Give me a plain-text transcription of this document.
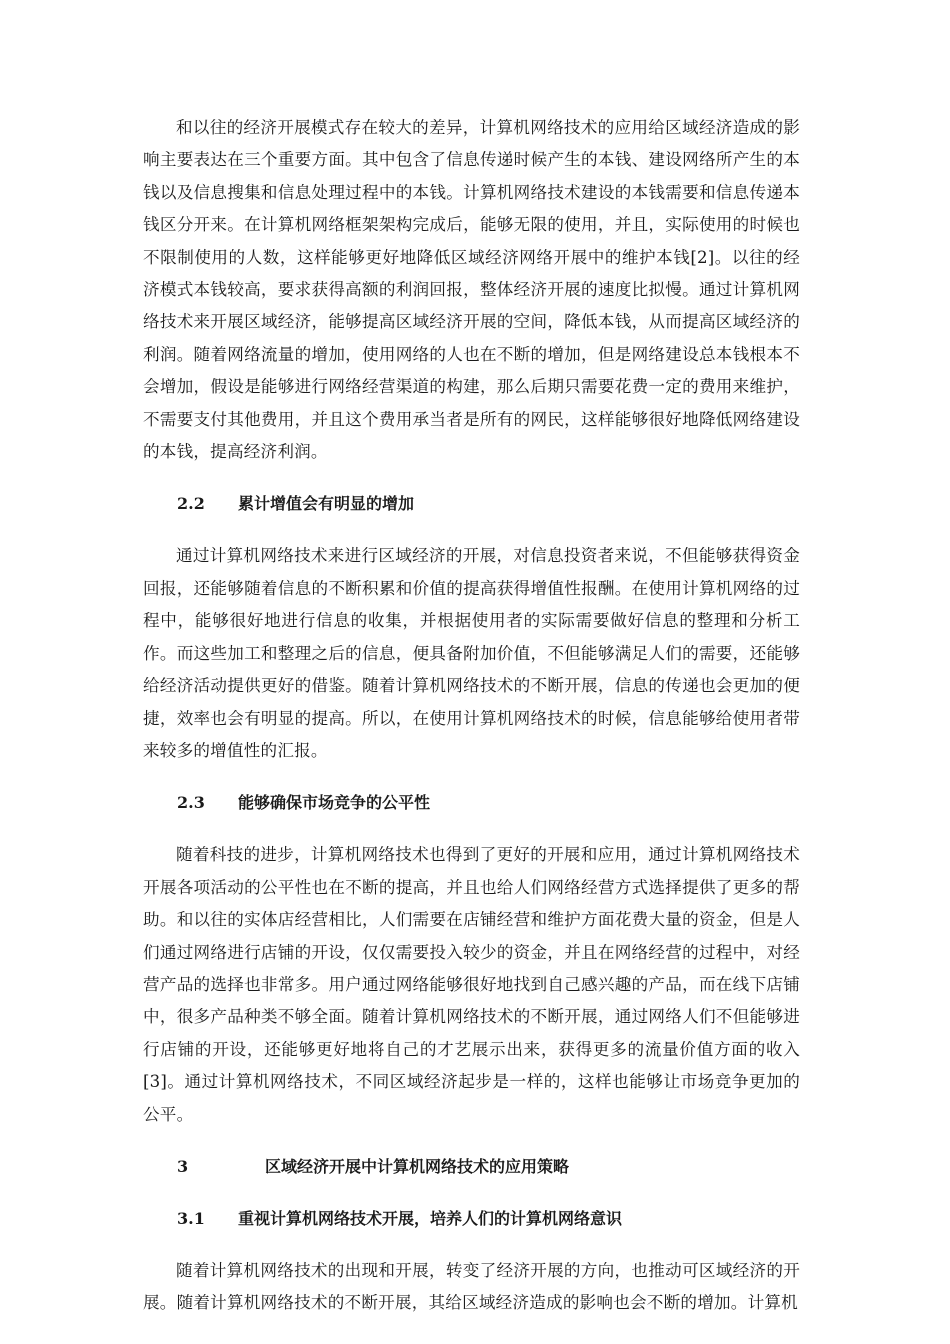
和以往的经济开展模式存在较大的差异，计算机网络技术的应用给区域经济造成的影响主要表达在三个重要方面。其中包含了信息传递时候产生的本钱、建设网络所产生的本钱以及信息搜集和信息处理过程中的本钱。计算机网络技术建设的本钱需要和信息传递本钱区分开来。在计算机网络框架架构完成后，能够无限的使用，并且，实际使用的时候也不限制使用的人数，这样能够更好地降低区域经济网络开展中的维护本钱[2]。以往的经济模式本钱较高，要求获得高额的利润回报，整体经济开展的速度比拟慢。通过计算机网络技术来开展区域经济，能够提高区域经济开展的空间，降低本钱，从而提高区域经济的利润。随着网络流量的增加，使用网络的人也在不断的增加，但是网络建设总本钱根本不会增加，假设是能够进行网络经营渠道的构建，那么后期只需要花费一定的费用来维护，不需要支付其他费用，并且这个费用承当者是所有的网民，这样能够很好地降低网络建设的本钱，提高经济利润。

2.2 累计增值会有明显的增加

通过计算机网络技术来进行区域经济的开展，对信息投资者来说，不但能够获得资金回报，还能够随着信息的不断积累和价值的提高获得增值性报酬。在使用计算机网络的过程中，能够很好地进行信息的收集，并根据使用者的实际需要做好信息的整理和分析工作。而这些加工和整理之后的信息，便具备附加价值，不但能够满足人们的需要，还能够给经济活动提供更好的借鉴。随着计算机网络技术的不断开展，信息的传递也会更加的便捷，效率也会有明显的提高。所以，在使用计算机网络技术的时候，信息能够给使用者带来较多的增值性的汇报。

2.3 能够确保市场竞争的公平性

随着科技的进步，计算机网络技术也得到了更好的开展和应用，通过计算机网络技术开展各项活动的公平性也在不断的提高，并且也给人们网络经营方式选择提供了更多的帮助。和以往的实体店经营相比，人们需要在店铺经营和维护方面花费大量的资金，但是人们通过网络进行店铺的开设，仅仅需要投入较少的资金，并且在网络经营的过程中，对经营产品的选择也非常多。用户通过网络能够很好地找到自己感兴趣的产品，而在线下店铺中，很多产品种类不够全面。随着计算机网络技术的不断开展，通过网络人们不但能够进行店铺的开设，还能够更好地将自己的才艺展示出来，获得更多的流量价值方面的收入[3]。通过计算机网络技术，不同区域经济起步是一样的，这样也能够让市场竞争更加的公平。

3	区域经济开展中计算机网络技术的应用策略
3.1 重视计算机网络技术开展，培养人们的计算机网络意识

随着计算机网络技术的出现和开展，转变了经济开展的方向，也推动可区域经济的开展。随着计算机网络技术的不断开展，其给区域经济造成的影响也会不断的增加。计算机
